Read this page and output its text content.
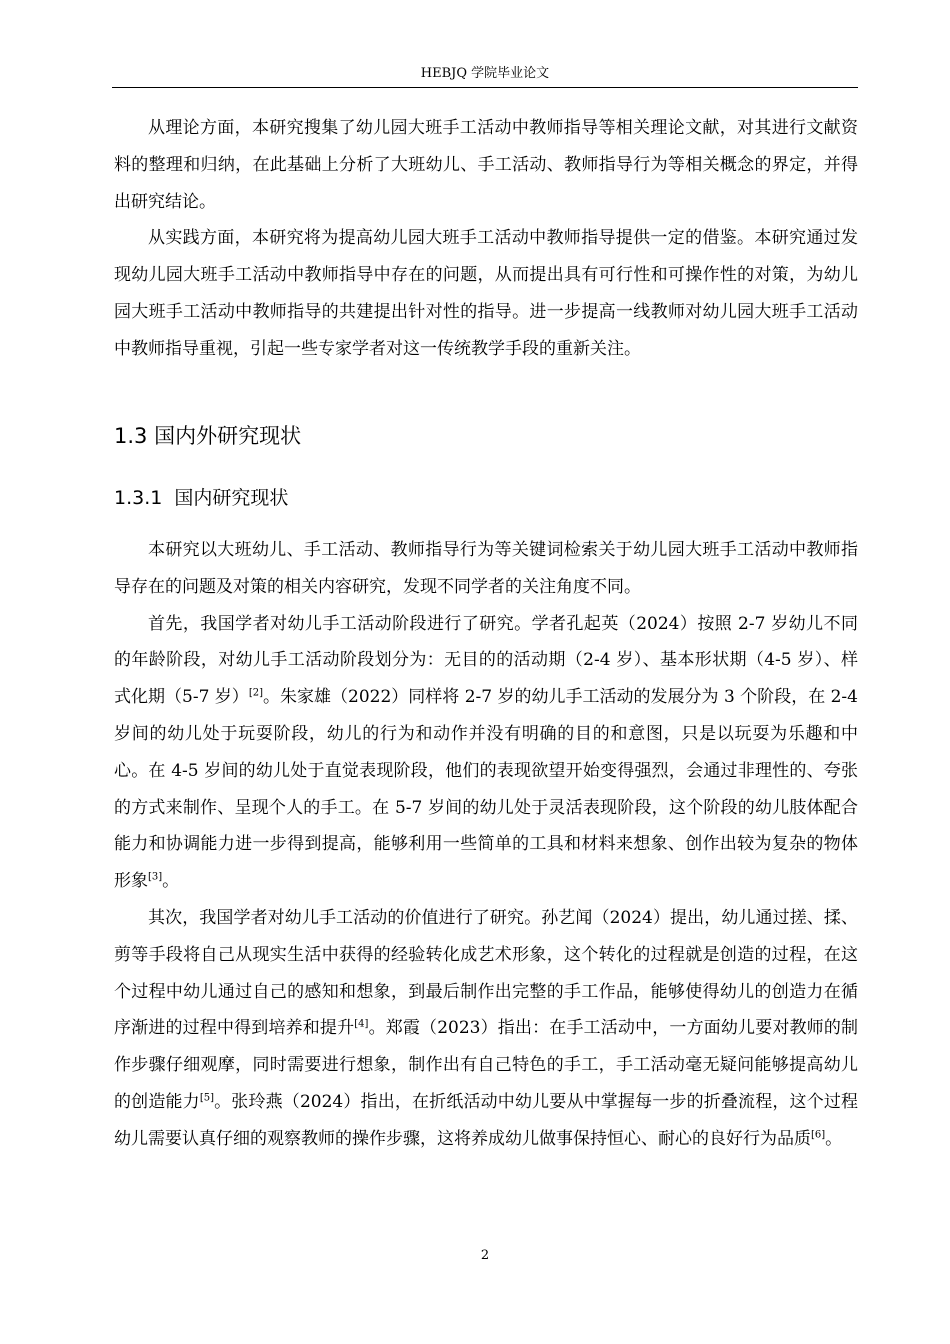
HEBJQ 学院毕业论文

从理论方面，本研究搜集了幼儿园大班手工活动中教师指导等相关理论文献，对其进行文献资料的整理和归纳，在此基础上分析了大班幼儿、手工活动、教师指导行为等相关概念的界定，并得出研究结论。

从实践方面，本研究将为提高幼儿园大班手工活动中教师指导提供一定的借鉴。本研究通过发现幼儿园大班手工活动中教师指导中存在的问题，从而提出具有可行性和可操作性的对策，为幼儿园大班手工活动中教师指导的共建提出针对性的指导。进一步提高一线教师对幼儿园大班手工活动中教师指导重视，引起一些专家学者对这一传统教学手段的重新关注。

1.3 国内外研究现状
1.3.1 国内研究现状

本研究以大班幼儿、手工活动、教师指导行为等关键词检索关于幼儿园大班手工活动中教师指导存在的问题及对策的相关内容研究，发现不同学者的关注角度不同。

首先，我国学者对幼儿手工活动阶段进行了研究。学者孔起英（2024）按照 2-7 岁幼儿不同的年龄阶段，对幼儿手工活动阶段划分为：无目的的活动期（2-4 岁）、基本形状期（4-5 岁）、样式化期（5-7 岁）[2]。朱家雄（2022）同样将 2-7 岁的幼儿手工活动的发展分为 3 个阶段，在 2-4 岁间的幼儿处于玩耍阶段，幼儿的行为和动作并没有明确的目的和意图，只是以玩耍为乐趣和中心。在 4-5 岁间的幼儿处于直觉表现阶段，他们的表现欲望开始变得强烈，会通过非理性的、夸张的方式来制作、呈现个人的手工。在 5-7 岁间的幼儿处于灵活表现阶段，这个阶段的幼儿肢体配合能力和协调能力进一步得到提高，能够利用一些简单的工具和材料来想象、创作出较为复杂的物体形象[3]。

其次，我国学者对幼儿手工活动的价值进行了研究。孙艺闻（2024）提出，幼儿通过搓、揉、剪等手段将自己从现实生活中获得的经验转化成艺术形象，这个转化的过程就是创造的过程，在这个过程中幼儿通过自己的感知和想象，到最后制作出完整的手工作品，能够使得幼儿的创造力在循序渐进的过程中得到培养和提升[4]。郑霞（2023）指出：在手工活动中，一方面幼儿要对教师的制作步骤仔细观摩，同时需要进行想象，制作出有自己特色的手工，手工活动毫无疑问能够提高幼儿的创造能力[5]。张玲燕（2024）指出，在折纸活动中幼儿要从中掌握每一步的折叠流程，这个过程幼儿需要认真仔细的观察教师的操作步骤，这将养成幼儿做事保持恒心、耐心的良好行为品质[6]。

2
